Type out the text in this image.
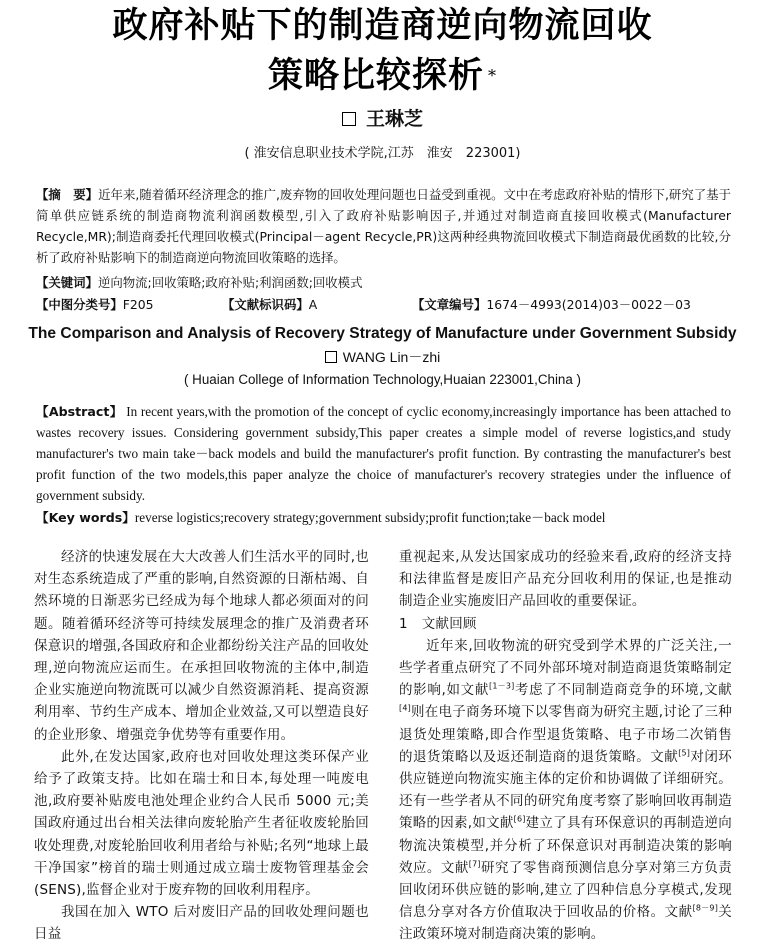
政府补贴下的制造商逆向物流回收
策略比较探析 *
王琳芝
( 淮安信息职业技术学院,江苏　淮安　223001)
【摘　要】近年来,随着循环经济理念的推广,废弃物的回收处理问题也日益受到重视。文中在考虑政府补贴的情形下,研究了基于简单供应链系统的制造商物流利润函数模型,引入了政府补贴影响因子,并通过对制造商直接回收模式(Manufacturer Recycle,MR);制造商委托代理回收模式(Principal－agent Recycle,PR)这两种经典物流回收模式下制造商最优函数的比较,分析了政府补贴影响下的制造商逆向物流回收策略的选择。
【关键词】逆向物流;回收策略;政府补贴;利润函数;回收模式
【中图分类号】F205	【文献标识码】A	【文章编号】1674－4993(2014)03－0022－03
The Comparison and Analysis of Recovery Strategy of Manufacture under Government Subsidy
WANG Lin－zhi
( Huaian College of Information Technology,Huaian 223001,China )
【Abstract】 In recent years,with the promotion of the concept of cyclic economy,increasingly importance has been attached to wastes recovery issues. Considering government subsidy,This paper creates a simple model of reverse logistics,and study manufacturer's two main take－back models and build the manufacturer's profit function. By contrasting the manufacturer's best profit function of the two models,this paper analyze the choice of manufacturer's recovery strategies under the influence of government subsidy.
【Key words】reverse logistics;recovery strategy;government subsidy;profit function;take－back model

经济的快速发展在大大改善人们生活水平的同时,也对生态系统造成了严重的影响,自然资源的日渐枯竭、自然环境的日渐恶劣已经成为每个地球人都必须面对的问题。随着循环经济等可持续发展理念的推广及消费者环保意识的增强,各国政府和企业都纷纷关注产品的回收处理,逆向物流应运而生。在承担回收物流的主体中,制造企业实施逆向物流既可以减少自然资源消耗、提高资源利用率、节约生产成本、增加企业效益,又可以塑造良好的企业形象、增强竞争优势等有重要作用。

此外,在发达国家,政府也对回收处理这类环保产业给予了政策支持。比如在瑞士和日本,每处理一吨废电池,政府要补贴废电池处理企业约合人民币 5000 元;美国政府通过出台相关法律向废轮胎产生者征收废轮胎回收处理费,对废轮胎回收利用者给与补贴;名列“地球上最干净国家”榜首的瑞士则通过成立瑞士废物管理基金会(SENS),监督企业对于废弃物的回收利用程序。

我国在加入 WTO 后对废旧产品的回收处理问题也日益

重视起来,从发达国家成功的经验来看,政府的经济支持和法律监督是废旧产品充分回收利用的保证,也是推动制造企业实施废旧产品回收的重要保证。

1 文献回顾

近年来,回收物流的研究受到学术界的广泛关注,一些学者重点研究了不同外部环境对制造商退货策略制定的影响,如文献[1－3]考虑了不同制造商竞争的环境,文献[4]则在电子商务环境下以零售商为研究主题,讨论了三种退货处理策略,即合作型退货策略、电子市场二次销售的退货策略以及返还制造商的退货策略。文献[5]对闭环供应链逆向物流实施主体的定价和协调做了详细研究。还有一些学者从不同的研究角度考察了影响回收再制造策略的因素,如文献[6]建立了具有环保意识的再制造逆向物流决策模型,并分析了环保意识对再制造决策的影响效应。文献[7]研究了零售商预测信息分享对第三方负责回收闭环供应链的影响,建立了四种信息分享模式,发现信息分享对各方价值取决于回收品的价格。文献[8－9]关注政策环境对制造商决策的影响。
